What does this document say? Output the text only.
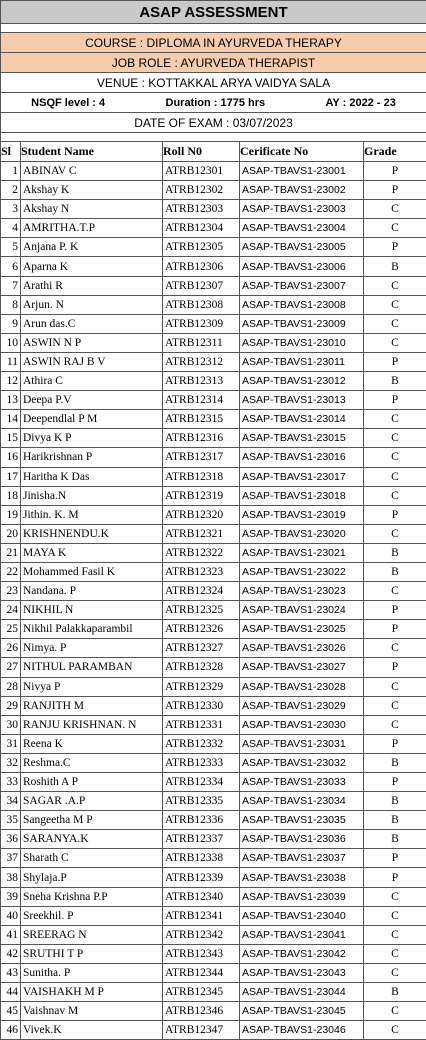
ASAP ASSESSMENT				

COURSE : DIPLOMA IN AYURVEDA THERAPY				
JOB ROLE : AYURVEDA THERAPIST				
VENUE : KOTTAKKAL ARYA VAIDYA SALA				

NSQF level : 4 Duration : 1775 hrs AY : 2022 - 23				

DATE OF EXAM : 03/07/2023				

Sl	Student Name	Roll N0	Cerificate No	Grade
1	ABINAV C	ATRB12301	ASAP-TBAVS1-23001	P
2	Akshay K	ATRB12302	ASAP-TBAVS1-23002	P
3	Akshay N	ATRB12303	ASAP-TBAVS1-23003	C
4	AMRITHA.T.P	ATRB12304	ASAP-TBAVS1-23004	C
5	Anjana P. K	ATRB12305	ASAP-TBAVS1-23005	P
6	Aparna K	ATRB12306	ASAP-TBAVS1-23006	B
7	Arathi R	ATRB12307	ASAP-TBAVS1-23007	C
8	Arjun. N	ATRB12308	ASAP-TBAVS1-23008	C
9	Arun das.C	ATRB12309	ASAP-TBAVS1-23009	C
10	ASWIN N P	ATRB12311	ASAP-TBAVS1-23010	C
11	ASWIN RAJ B V	ATRB12312	ASAP-TBAVS1-23011	P
12	Athira C	ATRB12313	ASAP-TBAVS1-23012	B
13	Deepa P.V	ATRB12314	ASAP-TBAVS1-23013	P
14	Deependlal P M	ATRB12315	ASAP-TBAVS1-23014	C
15	Divya K P	ATRB12316	ASAP-TBAVS1-23015	C
16	Harikrishnan P	ATRB12317	ASAP-TBAVS1-23016	C
17	Haritha K Das	ATRB12318	ASAP-TBAVS1-23017	C
18	Jinisha.N	ATRB12319	ASAP-TBAVS1-23018	C
19	Jithin. K. M	ATRB12320	ASAP-TBAVS1-23019	P
20	KRISHNENDU.K	ATRB12321	ASAP-TBAVS1-23020	C
21	MAYA K	ATRB12322	ASAP-TBAVS1-23021	B
22	Mohammed Fasil K	ATRB12323	ASAP-TBAVS1-23022	B
23	Nandana. P	ATRB12324	ASAP-TBAVS1-23023	C
24	NIKHIL N	ATRB12325	ASAP-TBAVS1-23024	P
25	Nikhil Palakkaparambil	ATRB12326	ASAP-TBAVS1-23025	P
26	Nimya. P	ATRB12327	ASAP-TBAVS1-23026	C
27	NITHUL PARAMBAN	ATRB12328	ASAP-TBAVS1-23027	P
28	Nivya P	ATRB12329	ASAP-TBAVS1-23028	C
29	RANJITH M	ATRB12330	ASAP-TBAVS1-23029	C
30	RANJU KRISHNAN. N	ATRB12331	ASAP-TBAVS1-23030	C
31	Reena K	ATRB12332	ASAP-TBAVS1-23031	P
32	Reshma.C	ATRB12333	ASAP-TBAVS1-23032	B
33	Roshith A P	ATRB12334	ASAP-TBAVS1-23033	P
34	SAGAR .A.P	ATRB12335	ASAP-TBAVS1-23034	B
35	Sangeetha M P	ATRB12336	ASAP-TBAVS1-23035	B
36	SARANYA.K	ATRB12337	ASAP-TBAVS1-23036	B
37	Sharath C	ATRB12338	ASAP-TBAVS1-23037	P
38	Shylaja.P	ATRB12339	ASAP-TBAVS1-23038	P
39	Sneha Krishna P.P	ATRB12340	ASAP-TBAVS1-23039	C
40	Sreekhil. P	ATRB12341	ASAP-TBAVS1-23040	C
41	SREERAG N	ATRB12342	ASAP-TBAVS1-23041	C
42	SRUTHI T P	ATRB12343	ASAP-TBAVS1-23042	C
43	Sunitha. P	ATRB12344	ASAP-TBAVS1-23043	C
44	VAISHAKH M P	ATRB12345	ASAP-TBAVS1-23044	B
45	Vaishnav M	ATRB12346	ASAP-TBAVS1-23045	C
46	Vivek.K	ATRB12347	ASAP-TBAVS1-23046	C
